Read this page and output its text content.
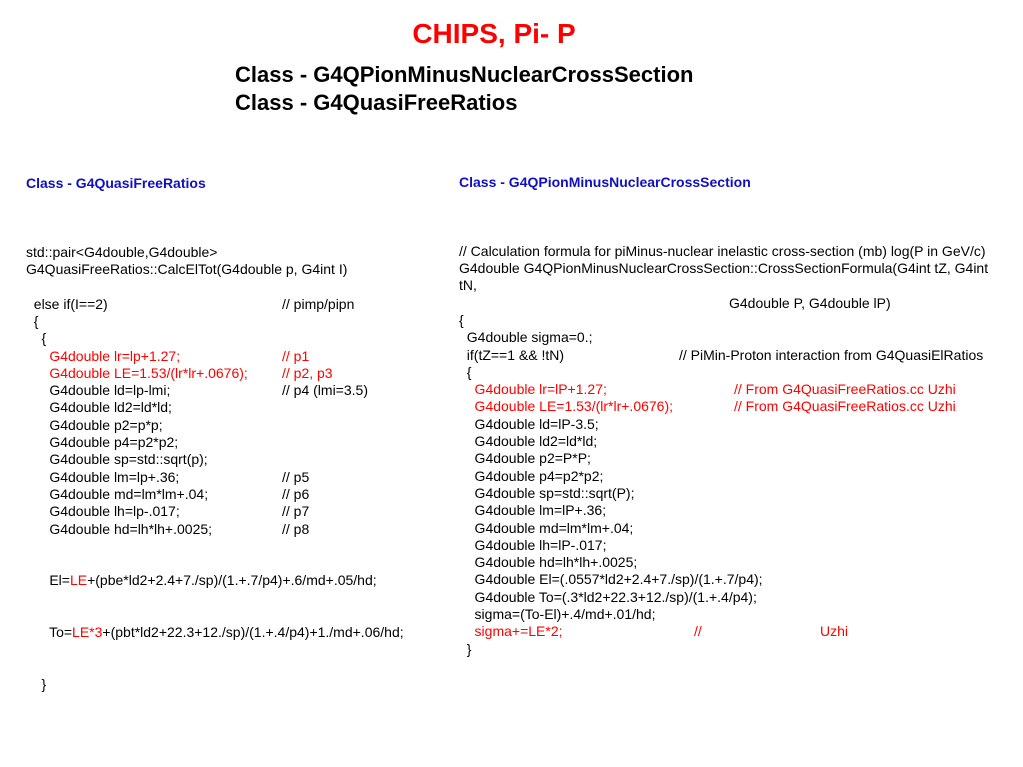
CHIPS, Pi- P
Class - G4QPionMinusNuclearCrossSection
Class - G4QuasiFreeRatios

Class - G4QuasiFreeRatios

std::pair<G4double,G4double>
G4QuasiFreeRatios::CalcElTot(G4double p, G4int I)
else if(I==2)	// pimp/pipn
{
{
G4double lr=lp+1.27;	// p1
G4double LE=1.53/(lr*lr+.0676); // p2, p3
G4double ld=lp-lmi;	// p4 (lmi=3.5)
G4double ld2=ld*ld;
G4double p2=p*p;
G4double p4=p2*p2;
G4double sp=std::sqrt(p);
G4double lm=lp+.36;	// p5
G4double md=lm*lm+.04;	// p6
G4double lh=lp-.017;	// p7
G4double hd=lh*lh+.0025;	// p8

El=LE+(pbe*ld2+2.4+7./sp)/(1.+.7/p4)+.6/md+.05/hd;

To=LE*3+(pbt*ld2+22.3+12./sp)/(1.+.4/p4)+1./md+.06/hd;

}

Class - G4QPionMinusNuclearCrossSection

// Calculation formula for piMinus-nuclear inelastic cross-section (mb) log(P in GeV/c)
G4double G4QPionMinusNuclearCrossSection::CrossSectionFormula(G4int tZ, G4int
tN,
G4double P, G4double lP)
{
G4double sigma=0.;
if(tZ==1 && !tN)	// PiMin-Proton interaction from G4QuasiElRatios
{
G4double lr=lP+1.27;	// From G4QuasiFreeRatios.cc Uzhi
G4double LE=1.53/(lr*lr+.0676);	// From G4QuasiFreeRatios.cc Uzhi
G4double ld=lP-3.5;
G4double ld2=ld*ld;
G4double p2=P*P;
G4double p4=p2*p2;
G4double sp=std::sqrt(P);
G4double lm=lP+.36;
G4double md=lm*lm+.04;
G4double lh=lP-.017;
G4double hd=lh*lh+.0025;
G4double El=(.0557*ld2+2.4+7./sp)/(1.+.7/p4);
G4double To=(.3*ld2+22.3+12./sp)/(1.+.4/p4);
sigma=(To-El)+.4/md+.01/hd;
sigma+=LE*2;	//	Uzhi
}
